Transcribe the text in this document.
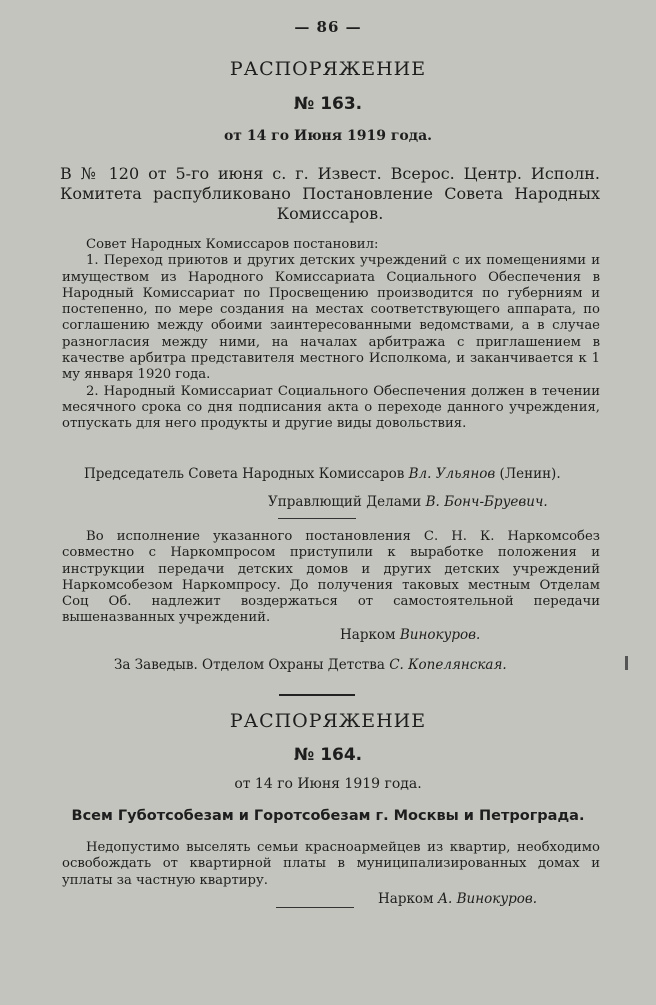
— 86 —
РАСПОРЯЖЕНИЕ
№ 163.
от 14 го Июня 1919 года.
В № 120 от 5-го июня с. г. Извест. Всерос. Центр. Исполн. Комитета распубликовано Постановление Совета Народных Комиссаров.

Совет Народных Комиссаров постановил:

1. Переход приютов и других детских учреждений с их помещениями и имуществом из Народного Комиссариата Социального Обеспечения в Народный Комиссариат по Просвещению производится по губерниям и постепенно, по мере создания на местах соответствующего аппарата, по соглашению между обоими заинтересованными ведомствами, а в случае разногласия между ними, на началах арбитража с приглашением в качестве арбитра представителя местного Исполкома, и заканчивается к 1 му января 1920 года.

2. Народный Комиссариат Социального Обеспечения должен в течении месячного срока со дня подписания акта о переходе данного учреждения, отпускать для него продукты и другие виды довольствия.

Председатель Совета Народных Комиссаров Вл. Ульянов (Ленин).
Управлющий Делами В. Бонч-Бруевич.

Во исполнение указанного постановления С. Н. К. Наркомсобез совместно с Наркомпросом приступили к выработке положения и инструкции передачи детских домов и других детских учреждений Наркомсобезом Наркомпросу. До получения таковых местным Отделам Соц Об. надлежит воздержаться от самостоятельной передачи вышеназванных учреждений.

Нарком Винокуров.
За Заведыв. Отделом Охраны Детства С. Копелянская.
РАСПОРЯЖЕНИЕ
№ 164.
от 14 го Июня 1919 года.
Всем Губотсобезам и Горотсобезам г. Москвы и Петрограда.

Недопустимо выселять семьи красноармейцев из квартир, необходимо освобождать от квартирной платы в муниципализированных домах и уплаты за частную квартиру.

Нарком А. Винокуров.
